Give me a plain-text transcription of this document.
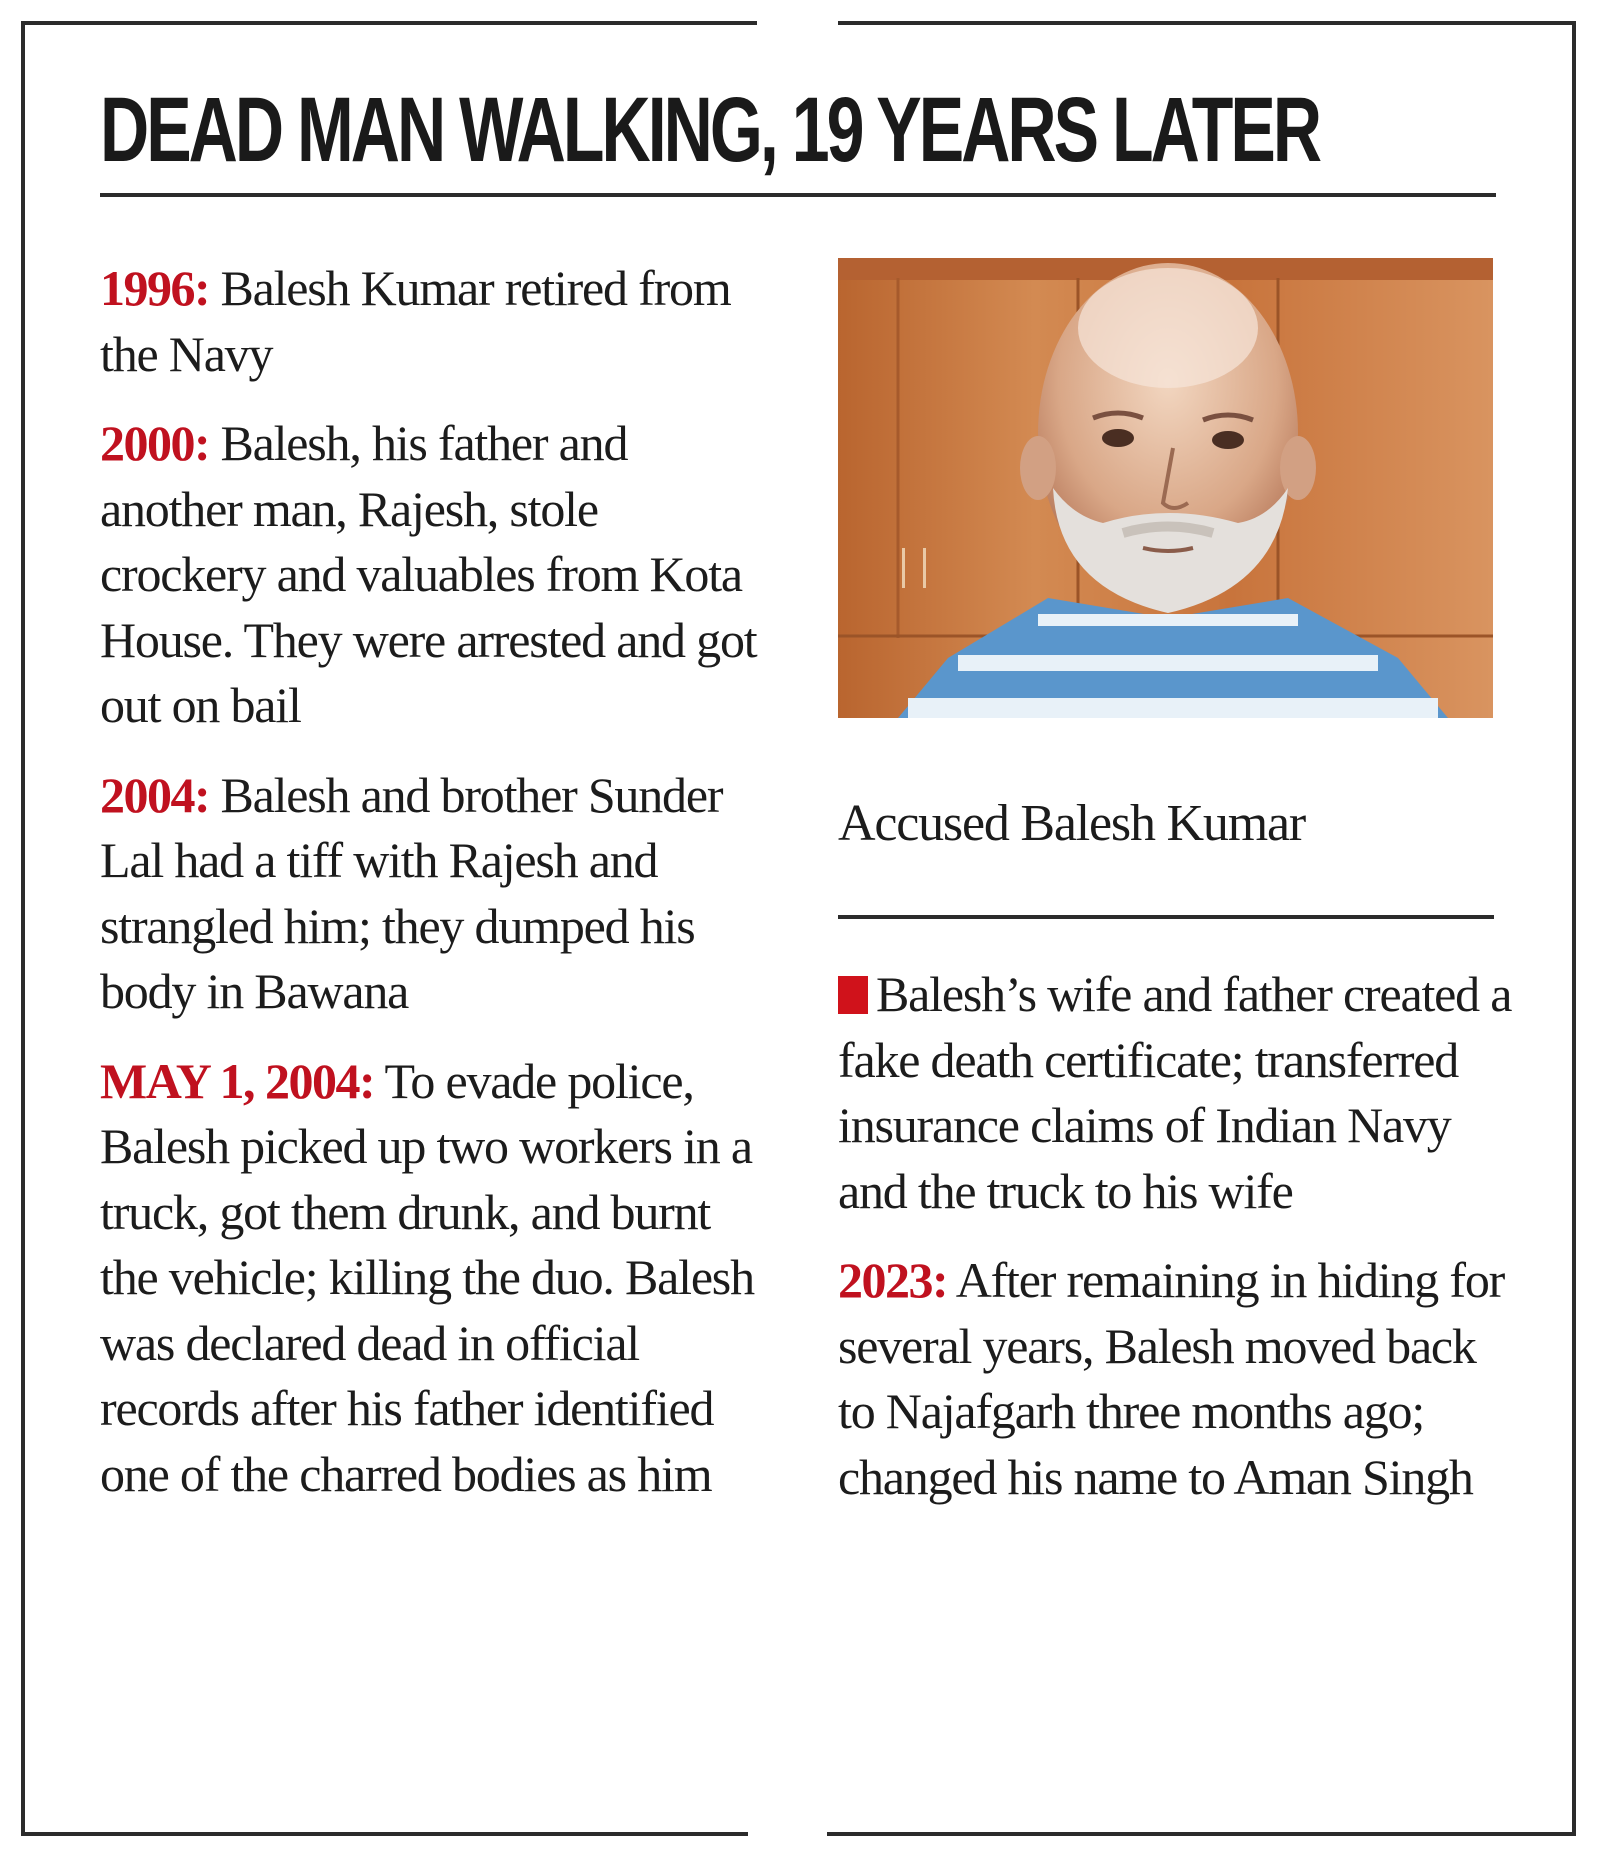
DEAD MAN WALKING, 19 YEARS LATER

1996: Balesh Kumar retired from the Navy

2000: Balesh, his father and another man, Rajesh, stole crockery and valuables from Kota House. They were arrested and got out on bail

2004: Balesh and brother Sunder Lal had a tiff with Rajesh and strangled him; they dumped his body in Bawana

MAY 1, 2004: To evade police, Balesh picked up two workers in a truck, got them drunk, and burnt the vehicle; killing the duo. Balesh was declared dead in official records after his father identified one of the charred bodies as him

Accused Balesh Kumar

Balesh’s wife and father created a fake death certificate; transferred insurance claims of Indian Navy and the truck to his wife

2023: After remaining in hiding for several years, Balesh moved back to Najafgarh three months ago; changed his name to Aman Singh
